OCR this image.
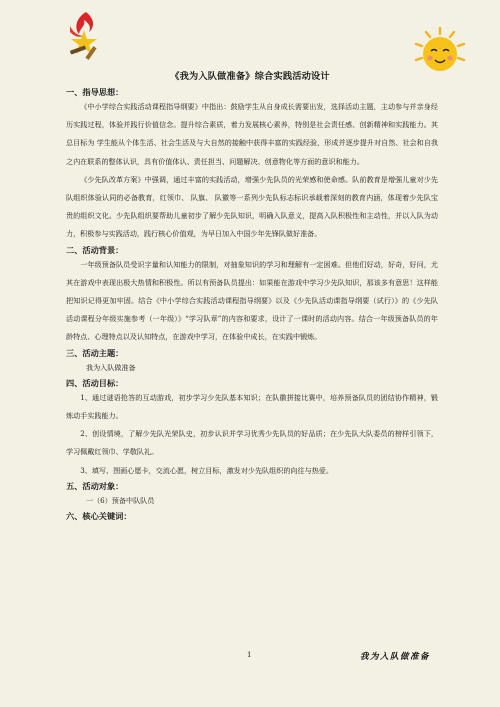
《我为入队做准备》综合实践活动设计

一、指导思想：

《中小学综合实践活动课程指导纲要》中指出：鼓励学生从自身成长需要出发，选择活动主题，主动参与并亲身经历实践过程，体验并践行价值信念。提升综合素质，着力发展核心素养，特别是社会责任感、创新精神和实践能力。其总目标为 学生能从个体生活、社会生活及与大自然的接触中获得丰富的实践经验，形成并逐步提升对自然、社会和自我之内在联系的整体认识，具有价值体认、责任担当、问题解决、创意物化等方面的意识和能力。

《少先队改革方案》中强调，通过丰富的实践活动，增强少先队员的光荣感和使命感。队前教育是增强儿童对少先队组织体验认同的必备教育，红领巾、 队旗、 队徽等一系列少先队标志标识承载着深刻的教育内涵，体现着少先队宝贵的组织文化。少先队组织要帮助儿童初步了解少先队知识，明确入队意义，提高入队积极性和主动性，并以入队为动力，积极参与实践活动，践行核心价值观，为早日加入中国少年先锋队做好准备。

二、活动背景：

一年级预备队员受识字量和认知能力的限制，对抽象知识的学习和理解有一定困难。但他们好动，好奇，好问，尤其在游戏中表现出极大热情和积极性。所以有预备队员提出：如果能在游戏中学习少先队知识，那该多有意思！这样能把知识记得更加牢固。结合《中小学综合实践活动课程指导纲要》以及《少先队活动课指导纲要（试行）》的《少先队活动课程分年级实施参考（一年级）》“学习队章”的内容和要求，设计了一课时的活动内容。结合一年级预备队员的年龄特点、心理特点以及认知特点，在游戏中学习，在体验中成长，在实践中锻炼。

三、活动主题：

我为入队做准备

四、活动目标：

1、通过谜语抢答的互动游戏，初步学习少先队基本知识；在队徽拼接比赛中，培养预备队员的团结协作精神，锻炼动手实践能力。

2、创设情境，了解少先队光荣队史，初步认识并学习优秀少先队员的好品质；在少先队大队委员的榜样引领下，学习佩戴红领巾、学敬队礼。

3、填写、图画心愿卡，交流心愿，树立目标，激发对少先队组织的向往与热爱。

五、活动对象：

一（6）预备中队队员

六、核心关键词：

1	我为入队做准备
